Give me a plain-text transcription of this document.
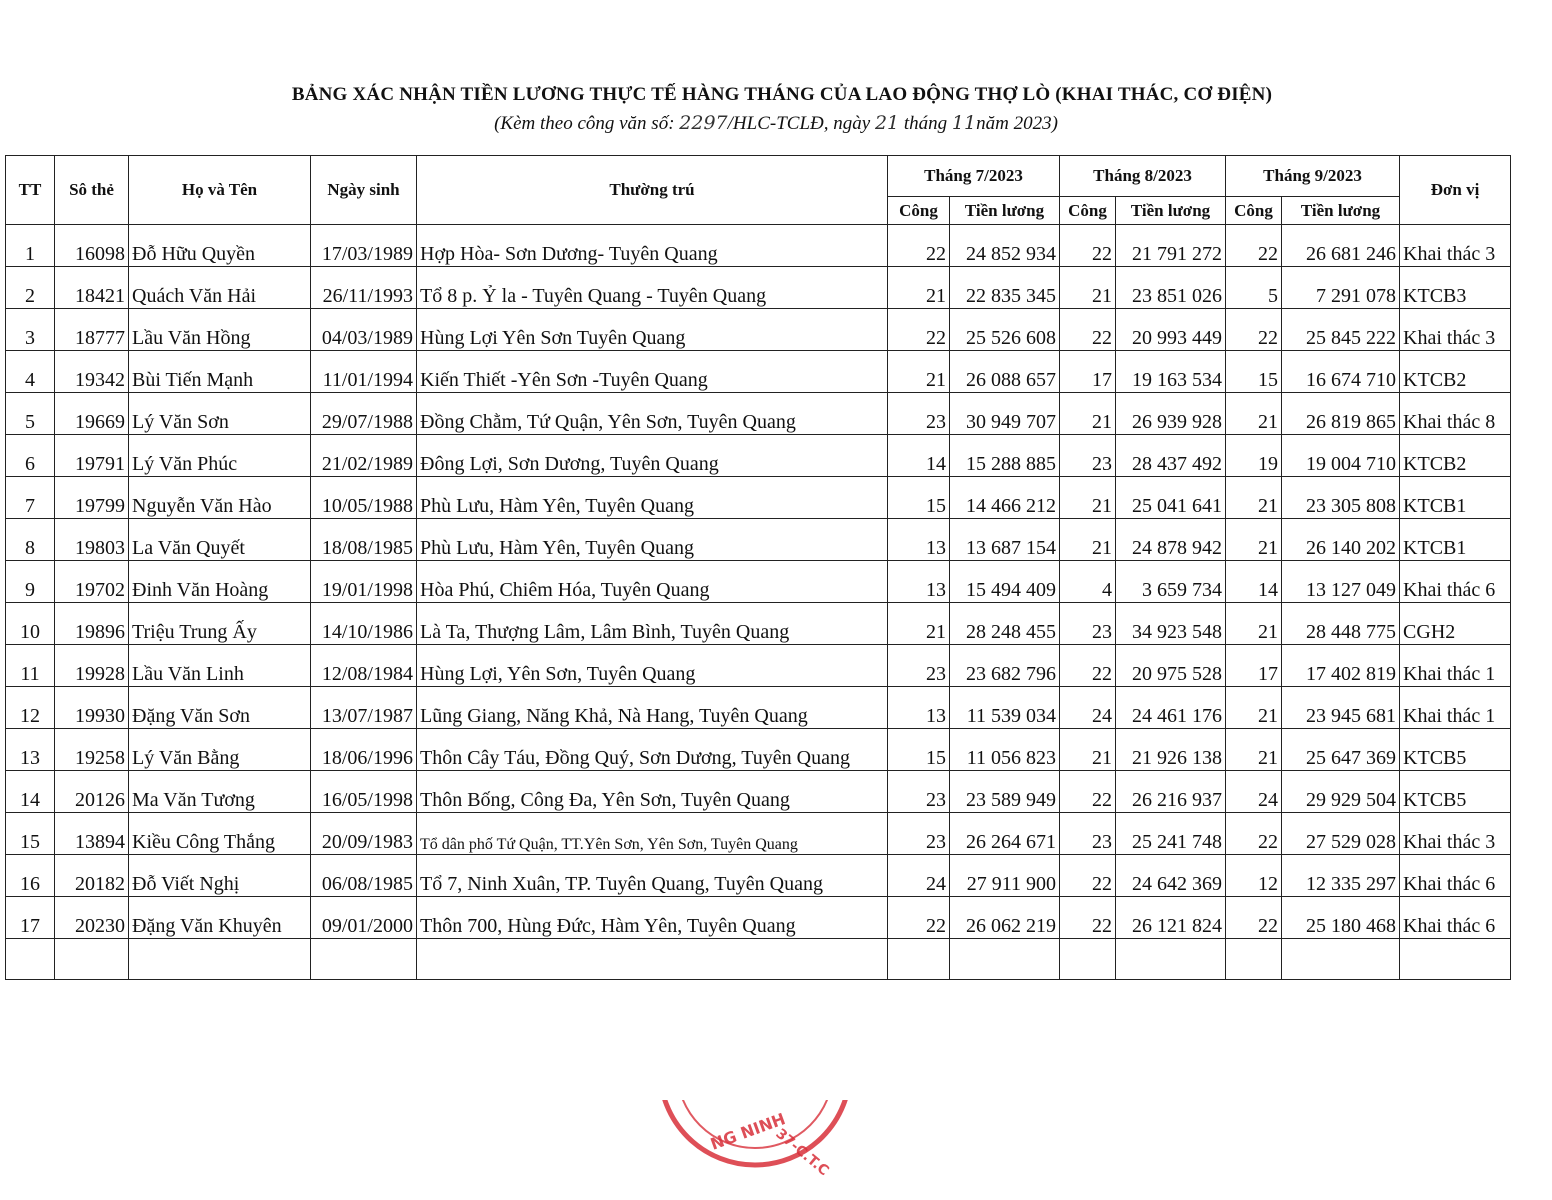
BẢNG XÁC NHẬN TIỀN LƯƠNG THỰC TẾ HÀNG THÁNG CỦA LAO ĐỘNG THỢ LÒ (KHAI THÁC, CƠ ĐIỆN)
(Kèm theo công văn số: 2297/HLC-TCLĐ, ngày 21 tháng 11năm 2023)
TT	Sô thẻ	Họ và Tên	Ngày sinh	Thường trú	Tháng 7/2023		Tháng 8/2023		Tháng 9/2023		Đơn vị
					Công	Tiền lương	Công	Tiền lương	Công	Tiền lương	
1	16098	Đỗ Hữu Quyền	17/03/1989	Hợp Hòa- Sơn Dương- Tuyên Quang	22	24 852 934	22	21 791 272	22	26 681 246	Khai thác 3
2	18421	Quách Văn Hải	26/11/1993	Tổ 8 p. Ỷ la - Tuyên Quang - Tuyên Quang	21	22 835 345	21	23 851 026	5	7 291 078	KTCB3
3	18777	Lầu Văn Hồng	04/03/1989	Hùng Lợi Yên Sơn Tuyên Quang	22	25 526 608	22	20 993 449	22	25 845 222	Khai thác 3
4	19342	Bùi Tiến Mạnh	11/01/1994	Kiến Thiết -Yên Sơn -Tuyên Quang	21	26 088 657	17	19 163 534	15	16 674 710	KTCB2
5	19669	Lý Văn Sơn	29/07/1988	Đồng Chằm, Tứ Quận, Yên Sơn, Tuyên Quang	23	30 949 707	21	26 939 928	21	26 819 865	Khai thác 8
6	19791	Lý Văn Phúc	21/02/1989	Đông Lợi, Sơn Dương, Tuyên Quang	14	15 288 885	23	28 437 492	19	19 004 710	KTCB2
7	19799	Nguyễn Văn Hào	10/05/1988	Phù Lưu, Hàm Yên, Tuyên Quang	15	14 466 212	21	25 041 641	21	23 305 808	KTCB1
8	19803	La Văn Quyết	18/08/1985	Phù Lưu, Hàm Yên, Tuyên Quang	13	13 687 154	21	24 878 942	21	26 140 202	KTCB1
9	19702	Đinh Văn Hoàng	19/01/1998	Hòa Phú, Chiêm Hóa, Tuyên Quang	13	15 494 409	4	3 659 734	14	13 127 049	Khai thác 6
10	19896	Triệu Trung Ấy	14/10/1986	Là Ta, Thượng Lâm, Lâm Bình, Tuyên Quang	21	28 248 455	23	34 923 548	21	28 448 775	CGH2
11	19928	Lầu Văn Linh	12/08/1984	Hùng Lợi, Yên Sơn, Tuyên Quang	23	23 682 796	22	20 975 528	17	17 402 819	Khai thác 1
12	19930	Đặng Văn Sơn	13/07/1987	Lũng Giang, Năng Khả, Nà Hang, Tuyên Quang	13	11 539 034	24	24 461 176	21	23 945 681	Khai thác 1
13	19258	Lý Văn Bằng	18/06/1996	Thôn Cây Táu, Đồng Quý, Sơn Dương, Tuyên Quang	15	11 056 823	21	21 926 138	21	25 647 369	KTCB5
14	20126	Ma Văn Tương	16/05/1998	Thôn Bống, Công Đa, Yên Sơn, Tuyên Quang	23	23 589 949	22	26 216 937	24	29 929 504	KTCB5
15	13894	Kiều Công Thắng	20/09/1983	Tổ dân phố Tứ Quận, TT.Yên Sơn, Yên Sơn, Tuyên Quang	23	26 264 671	23	25 241 748	22	27 529 028	Khai thác 3
16	20182	Đỗ Viết Nghị	06/08/1985	Tổ 7, Ninh Xuân, TP. Tuyên Quang, Tuyên Quang	24	27 911 900	22	24 642 369	12	12 335 297	Khai thác 6
17	20230	Đặng Văn Khuyên	09/01/2000	Thôn 700, Hùng Đức, Hàm Yên, Tuyên Quang	22	26 062 219	22	26 121 824	22	25 180 468	Khai thác 6

NG NINH
37-C.T.C
